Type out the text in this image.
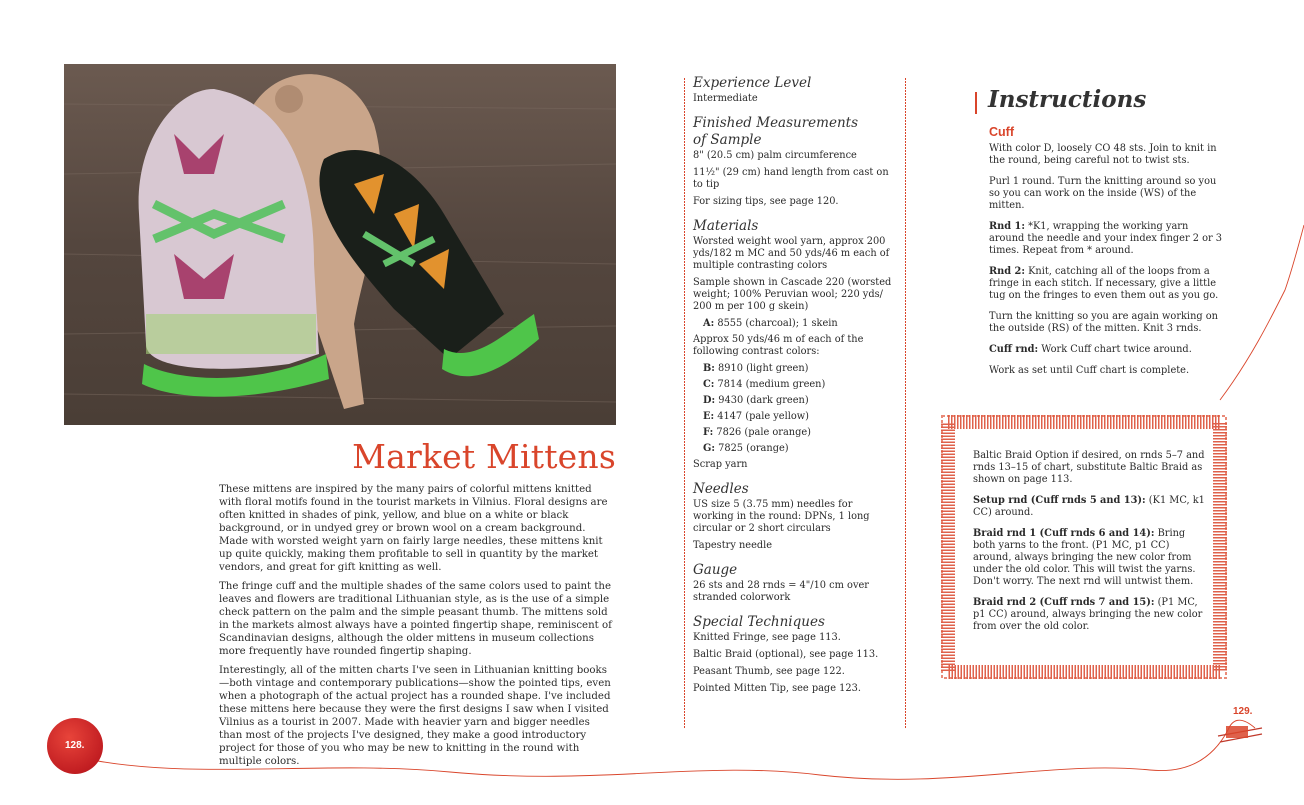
Market Mittens

These mittens are inspired by the many pairs of colorful mittens knitted with floral motifs found in the tourist markets in Vilnius. Floral designs are often knitted in shades of pink, yellow, and blue on a white or black background, or in undyed grey or brown wool on a cream background. Made with worsted weight yarn on fairly large needles, these mittens knit up quite quickly, making them profitable to sell in quantity by the market vendors, and great for gift knitting as well.

The fringe cuff and the multiple shades of the same colors used to paint the leaves and flowers are traditional Lithuanian style, as is the use of a simple check pattern on the palm and the simple peasant thumb. The mittens sold in the markets almost always have a pointed fingertip shape, reminiscent of Scandinavian designs, although the older mittens in museum collections more frequently have rounded fingertip shaping.

Interestingly, all of the mitten charts I've seen in Lithuanian knitting books—both vintage and contemporary publications—show the pointed tips, even when a photograph of the actual project has a rounded shape. I've included these mittens here because they were the first designs I saw when I visited Vilnius as a tourist in 2007. Made with heavier yarn and bigger needles than most of the projects I've designed, they make a good introductory project for those of you who may be new to knitting in the round with multiple colors.

128.
Experience Level

Intermediate

Finished Measurements
of Sample

8" (20.5 cm) palm circumference

11½" (29 cm) hand length from cast on to tip

For sizing tips, see page 120.

Materials

Worsted weight wool yarn, approx 200 yds/182 m MC and 50 yds/46 m each of multiple contrasting colors

Sample shown in Cascade 220 (worsted weight; 100% Peruvian wool; 220 yds/ 200 m per 100 g skein)

A: 8555 (charcoal); 1 skein

Approx 50 yds/46 m of each of the following contrast colors:

B: 8910 (light green)

C: 7814 (medium green)

D: 9430 (dark green)

E: 4147 (pale yellow)

F: 7826 (pale orange)

G: 7825 (orange)

Scrap yarn

Needles

US size 5 (3.75 mm) needles for working in the round: DPNs, 1 long circular or 2 short circulars

Tapestry needle

Gauge

26 sts and 28 rnds = 4"/10 cm over stranded colorwork

Special Techniques

Knitted Fringe, see page 113.

Baltic Braid (optional), see page 113.

Peasant Thumb, see page 122.

Pointed Mitten Tip, see page 123.

Instructions
Cuff

With color D, loosely CO 48 sts. Join to knit in the round, being careful not to twist sts.

Purl 1 round. Turn the knitting around so you so you can work on the inside (WS) of the mitten.

Rnd 1: *K1, wrapping the working yarn around the needle and your index finger 2 or 3 times. Repeat from * around.

Rnd 2: Knit, catching all of the loops from a fringe in each stitch. If necessary, give a little tug on the fringes to even them out as you go.

Turn the knitting so you are again working on the outside (RS) of the mitten. Knit 3 rnds.

Cuff rnd: Work Cuff chart twice around.

Work as set until Cuff chart is complete.

Baltic Braid Option if desired, on rnds 5–7 and rnds 13–15 of chart, substitute Baltic Braid as shown on page 113.

Setup rnd (Cuff rnds 5 and 13): (K1 MC, k1 CC) around.

Braid rnd 1 (Cuff rnds 6 and 14): Bring both yarns to the front. (P1 MC, p1 CC) around, always bringing the new color from under the old color. This will twist the yarns. Don't worry. The next rnd will untwist them.

Braid rnd 2 (Cuff rnds 7 and 15): (P1 MC, p1 CC) around, always bringing the new color from over the old color.

129.
